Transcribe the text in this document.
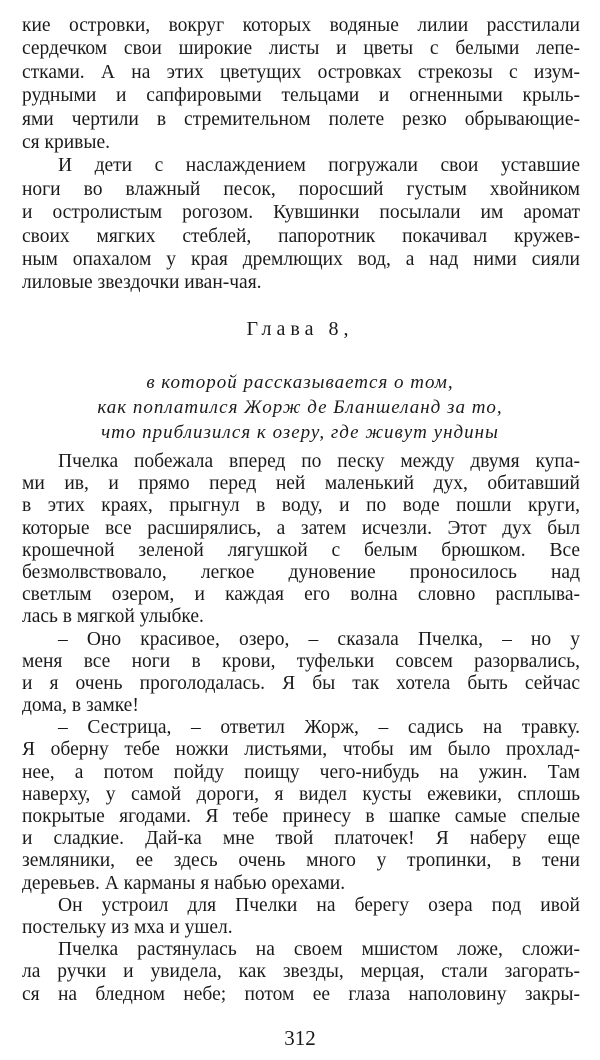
кие островки, вокруг которых водяные лилии расстилали
сердечком свои широкие листы и цветы с белыми лепе-
стками. А на этих цветущих островках стрекозы с изум-
рудными и сапфировыми тельцами и огненными крыль-
ями чертили в стремительном полете резко обрывающие-
ся кривые.
И дети с наслаждением погружали свои уставшие
ноги во влажный песок, поросший густым хвойником
и остролистым рогозом. Кувшинки посылали им аромат
своих мягких стеблей, папоротник покачивал кружев-
ным опахалом у края дремлющих вод, а над ними сияли
лиловые звездочки иван-чая.
Глава 8,
в которой рассказывается о том,
как поплатился Жорж де Бланшеланд за то,
что приблизился к озеру, где живут ундины
Пчелка побежала вперед по песку между двумя купа-
ми ив, и прямо перед ней маленький дух, обитавший
в этих краях, прыгнул в воду, и по воде пошли круги,
которые все расширялись, а затем исчезли. Этот дух был
крошечной зеленой лягушкой с белым брюшком. Все
безмолвствовало, легкое дуновение проносилось над
светлым озером, и каждая его волна словно расплыва-
лась в мягкой улыбке.
– Оно красивое, озеро, – сказала Пчелка, – но у
меня все ноги в крови, туфельки совсем разорвались,
и я очень проголодалась. Я бы так хотела быть сейчас
дома, в замке!
– Сестрица, – ответил Жорж, – садись на травку.
Я оберну тебе ножки листьями, чтобы им было прохлад-
нее, а потом пойду поищу чего-нибудь на ужин. Там
наверху, у самой дороги, я видел кусты ежевики, сплошь
покрытые ягодами. Я тебе принесу в шапке самые спелые
и сладкие. Дай-ка мне твой платочек! Я наберу еще
земляники, ее здесь очень много у тропинки, в тени
деревьев. А карманы я набью орехами.
Он устроил для Пчелки на берегу озера под ивой
постельку из мха и ушел.
Пчелка растянулась на своем мшистом ложе, сложи-
ла ручки и увидела, как звезды, мерцая, стали загорать-
ся на бледном небе; потом ее глаза наполовину закры-
312
